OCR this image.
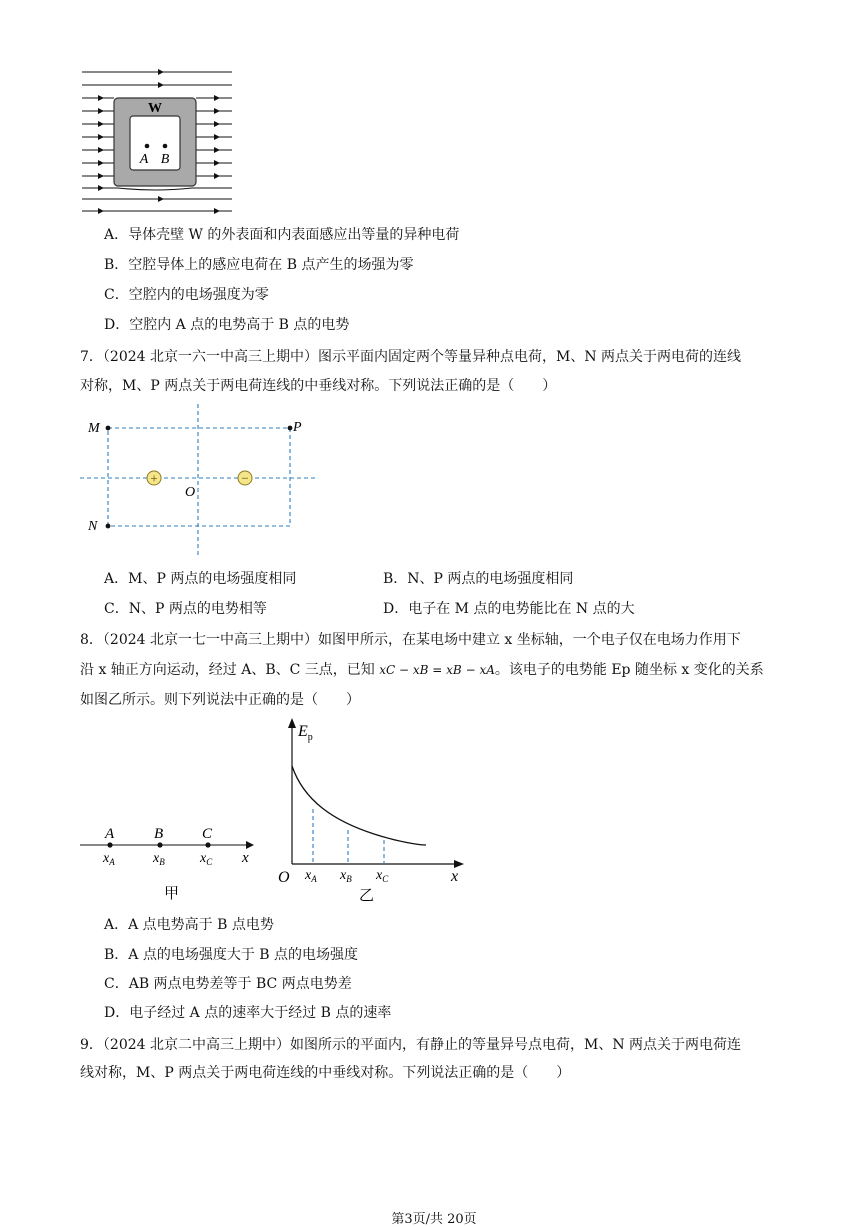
W
A B
A．导体壳壁 W 的外表面和内表面感应出等量的异种电荷
B．空腔导体上的感应电荷在 B 点产生的场强为零
C．空腔内的电场强度为零
D．空腔内 A 点的电势高于 B 点的电势
7．（2024 北京一六一中高三上期中）图示平面内固定两个等量异种点电荷，M、N 两点关于两电荷的连线
对称，M、P 两点关于两电荷连线的中垂线对称。下列说法正确的是（　　）
+	−
M	P
N
O
A．M、P 两点的电场强度相同	B．N、P 两点的电场强度相同
C．N、P 两点的电势相等	D．电子在 M 点的电势能比在 N 点的大
8．（2024 北京一七一中高三上期中）如图甲所示，在某电场中建立 x 坐标轴，一个电子仅在电场力作用下
沿 x 轴正方向运动，经过 A、B、C 三点，已知 xC − xB = xB − xA。该电子的电势能 Ep 随坐标 x 变化的关系
如图乙所示。则下列说法中正确的是（　　）
A	B	C
$x_A$	$x_B$	$x_C$ x
甲
$E_p$
O $x_A$ $x_B$ $x_C$	x
乙
A．A 点电势高于 B 点电势
B．A 点的电场强度大于 B 点的电场强度
C．AB 两点电势差等于 BC 两点电势差
D．电子经过 A 点的速率大于经过 B 点的速率
9．（2024 北京二中高三上期中）如图所示的平面内，有静止的等量异号点电荷，M、N 两点关于两电荷连
线对称，M、P 两点关于两电荷连线的中垂线对称。下列说法正确的是（　　）
第3页/共 20页
